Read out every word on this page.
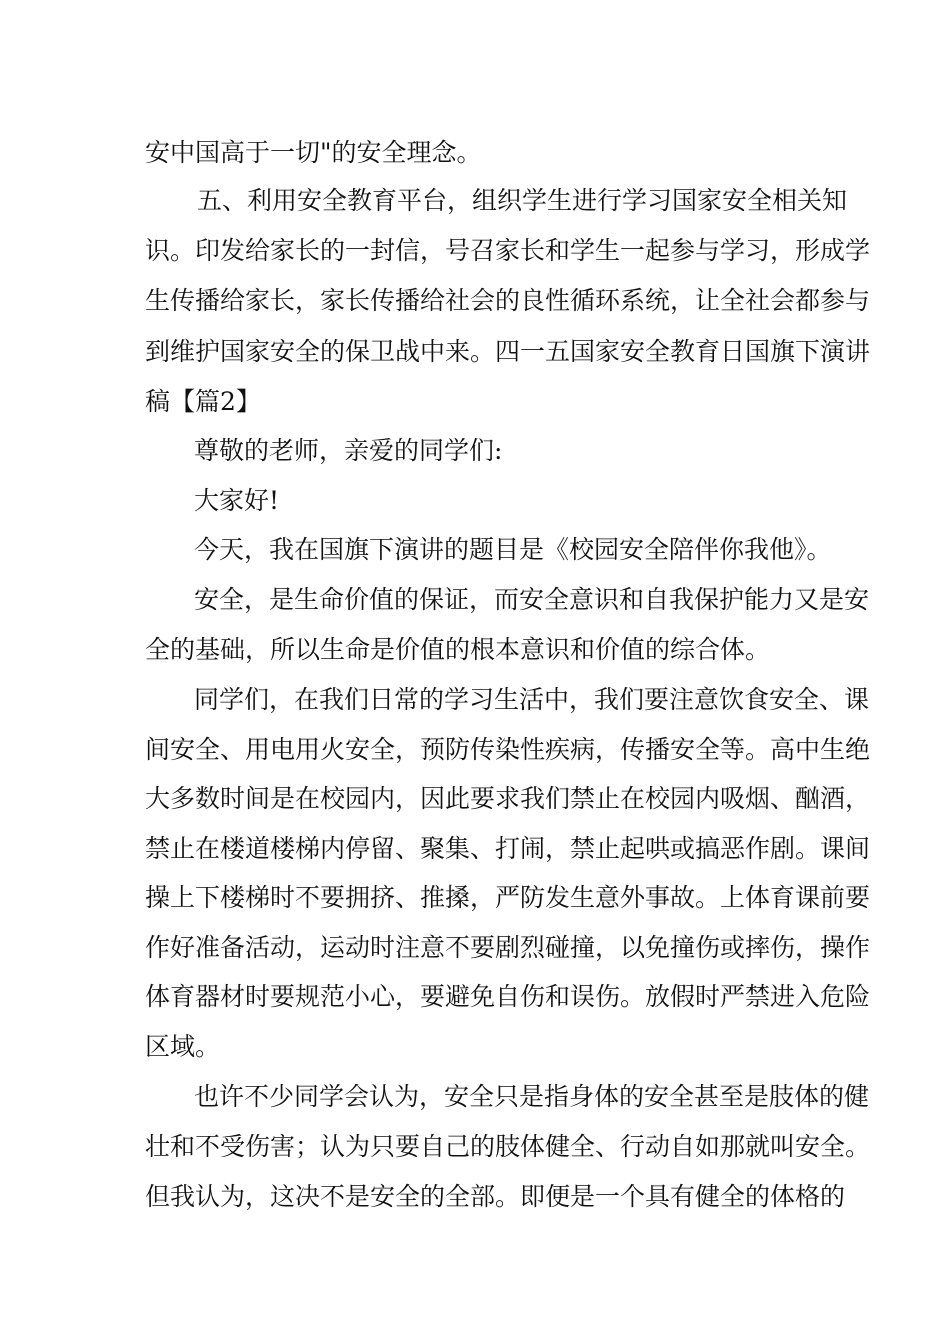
安中国高于一切"的安全理念。
五、利用安全教育平台，组织学生进行学习国家安全相关知
识。印发给家长的一封信，号召家长和学生一起参与学习，形成学
生传播给家长，家长传播给社会的良性循环系统，让全社会都参与
到维护国家安全的保卫战中来。四一五国家安全教育日国旗下演讲
稿【篇2】
尊敬的老师，亲爱的同学们:
大家好!
今天，我在国旗下演讲的题目是《校园安全陪伴你我他》。
安全，是生命价值的保证，而安全意识和自我保护能力又是安
全的基础，所以生命是价值的根本意识和价值的综合体。
同学们，在我们日常的学习生活中，我们要注意饮食安全、课
间安全、用电用火安全，预防传染性疾病，传播安全等。高中生绝
大多数时间是在校园内，因此要求我们禁止在校园内吸烟、酗酒，
禁止在楼道楼梯内停留、聚集、打闹，禁止起哄或搞恶作剧。课间
操上下楼梯时不要拥挤、推搡，严防发生意外事故。上体育课前要
作好准备活动，运动时注意不要剧烈碰撞，以免撞伤或摔伤，操作
体育器材时要规范小心，要避免自伤和误伤。放假时严禁进入危险
区域。
也许不少同学会认为，安全只是指身体的安全甚至是肢体的健
壮和不受伤害；认为只要自己的肢体健全、行动自如那就叫安全。
但我认为，这决不是安全的全部。即便是一个具有健全的体格的
